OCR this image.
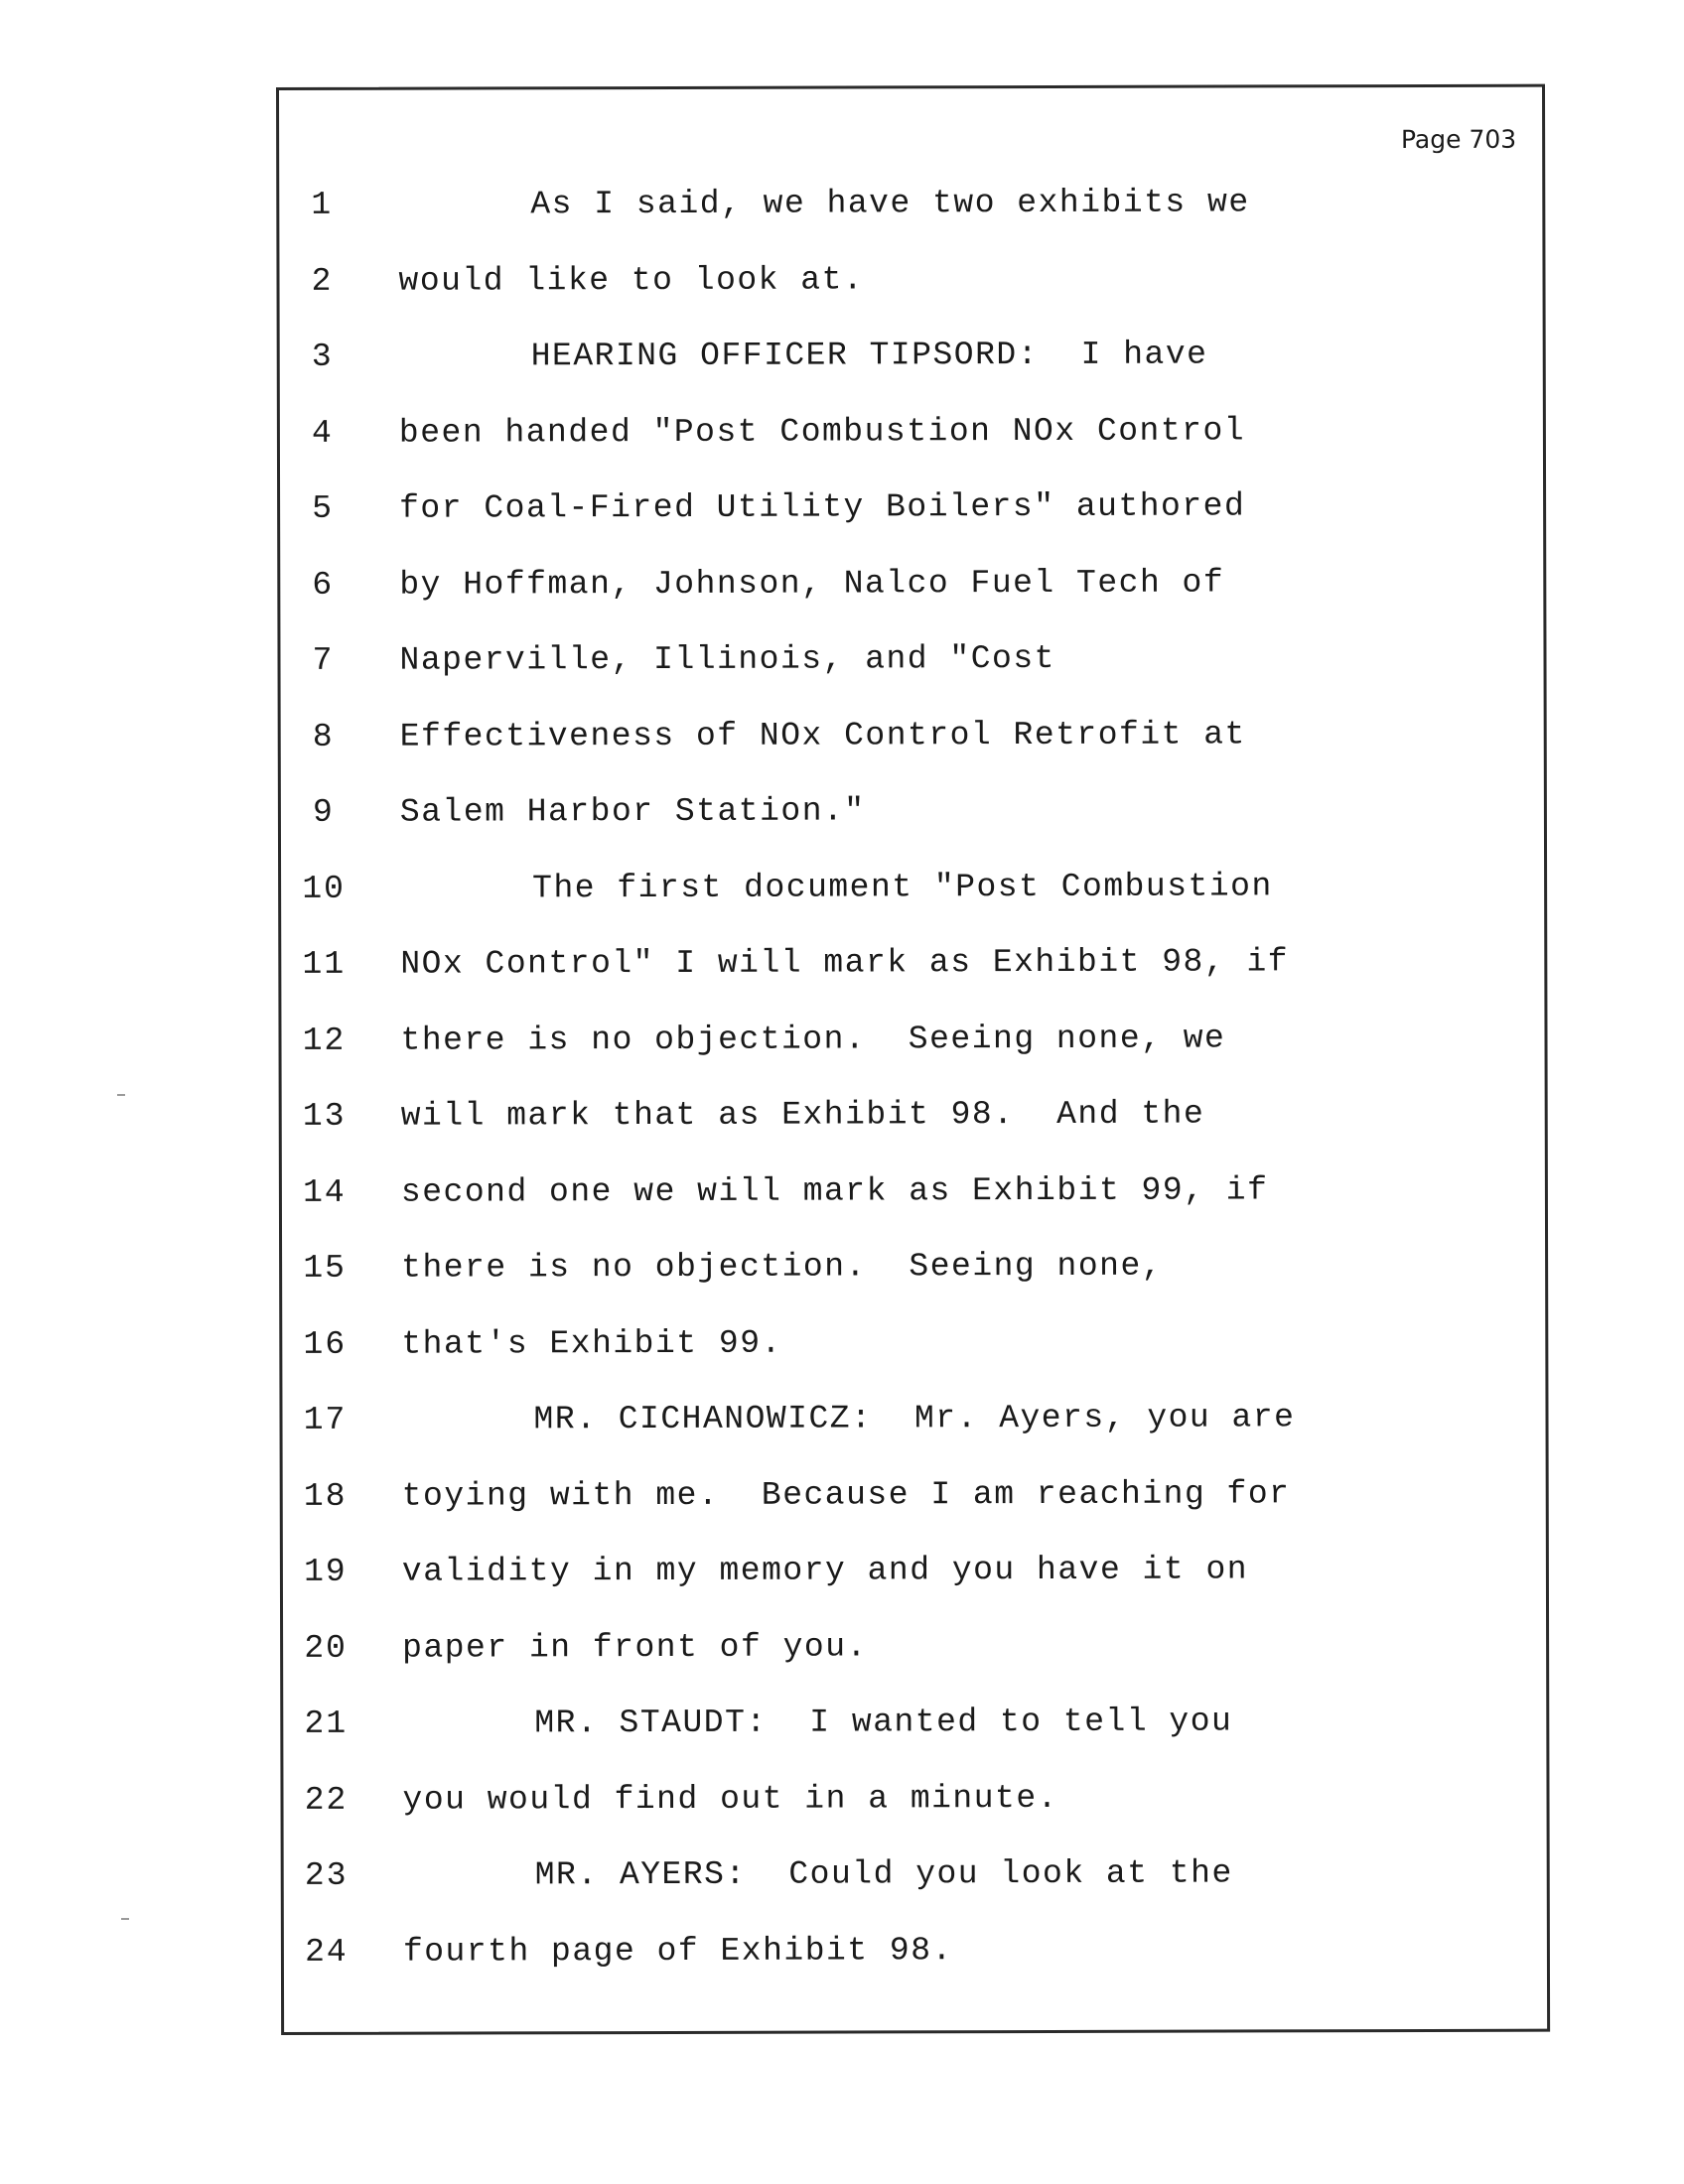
Page 703
1	As I said, we have two exhibits we
2	would like to look at.
3	HEARING OFFICER TIPSORD:  I have
4	been handed "Post Combustion NOx Control
5	for Coal-Fired Utility Boilers" authored
6	by Hoffman, Johnson, Nalco Fuel Tech of
7	Naperville, Illinois, and "Cost
8	Effectiveness of NOx Control Retrofit at
9	Salem Harbor Station."
10	The first document "Post Combustion
11 NOx Control" I will mark as Exhibit 98, if
12 there is no objection.  Seeing none, we
13 will mark that as Exhibit 98.  And the
14 second one we will mark as Exhibit 99, if
15 there is no objection.  Seeing none,
16 that's Exhibit 99.
17	MR. CICHANOWICZ:  Mr. Ayers, you are
18 toying with me.  Because I am reaching for
19 validity in my memory and you have it on
20 paper in front of you.
21	MR. STAUDT:  I wanted to tell you
22 you would find out in a minute.
23	MR. AYERS:  Could you look at the
24 fourth page of Exhibit 98.
